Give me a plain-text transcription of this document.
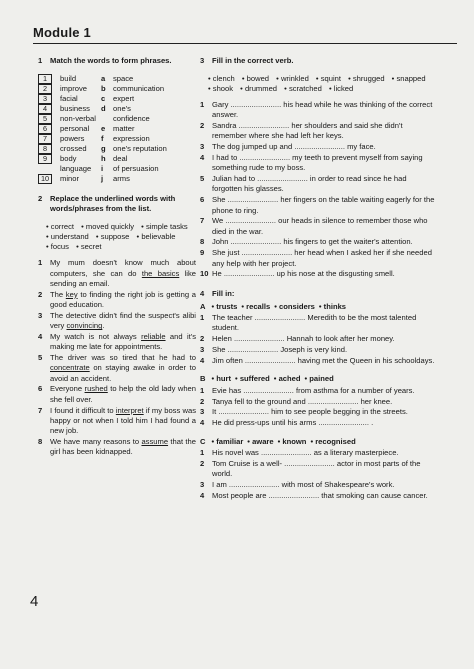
Module 1
1 Match the words to form phrases.
1	build	a	space
2	improve	b communication
3	facial	c	expert
4	business	d one's
5	non-verbal	confidence
6	personal	e	matter
7	powers	f	expression
8	crossed	g one's reputation
9	body	h deal
language	i	of persuasion
10	minor	j	arms
2 Replace the underlined words with words/phrases from the list.
• correct • moved quickly • simple tasks • understand • suppose • believable • focus • secret
1 My mum doesn't know much about computers, she can do the basics like sending an email.
2 The key to finding the right job is getting a good education.
3 The detective didn't find the suspect's alibi very convincing.
4 My watch is not always reliable and it's making me late for appointments.
5 The driver was so tired that he had to concentrate on staying awake in order to avoid an accident.
6 Everyone rushed to help the old lady when she fell over.
7 I found it difficult to interpret if my boss was happy or not when I told him I had found a new job.
8 We have many reasons to assume that the girl has been kidnapped.
3 Fill in the correct verb.
• clench • bowed • wrinkled • squint • shrugged • snapped • shook • drummed • scratched • licked
1 Gary ........................ his head while he was thinking of the correct answer.
2 Sandra ........................ her shoulders and said she didn't remember where she had left her keys.
3 The dog jumped up and ........................ my face.
4 I had to ........................ my teeth to prevent myself from saying something rude to my boss.
5 Julian had to ........................ in order to read since he had forgotten his glasses.
6 She ........................ her fingers on the table waiting eagerly for the phone to ring.
7 We ........................ our heads in silence to remember those who died in the war.
8 John ........................ his fingers to get the waiter's attention.
9 She just ........................ her head when I asked her if she needed any help with her project.
10 He ........................ up his nose at the disgusting smell.
4 Fill in:
A • trusts • recalls • considers • thinks
1 The teacher ........................ Meredith to be the most talented student.
2 Helen ........................ Hannah to look after her money.
3 She ........................ Joseph is very kind.
4 Jim often ........................ having met the Queen in his schooldays.
B • hurt • suffered • ached • pained
1 Evie has ........................ from asthma for a number of years.
2 Tanya fell to the ground and ........................ her knee.
3 It ........................ him to see people begging in the streets.
4 He did press-ups until his arms ........................ .
C • familiar • aware • known • recognised
1 His novel was ........................ as a literary masterpiece.
2 Tom Cruise is a well- ........................ actor in most parts of the world.
3 I am ........................ with most of Shakespeare's work.
4 Most people are ........................ that smoking can cause cancer.
4
